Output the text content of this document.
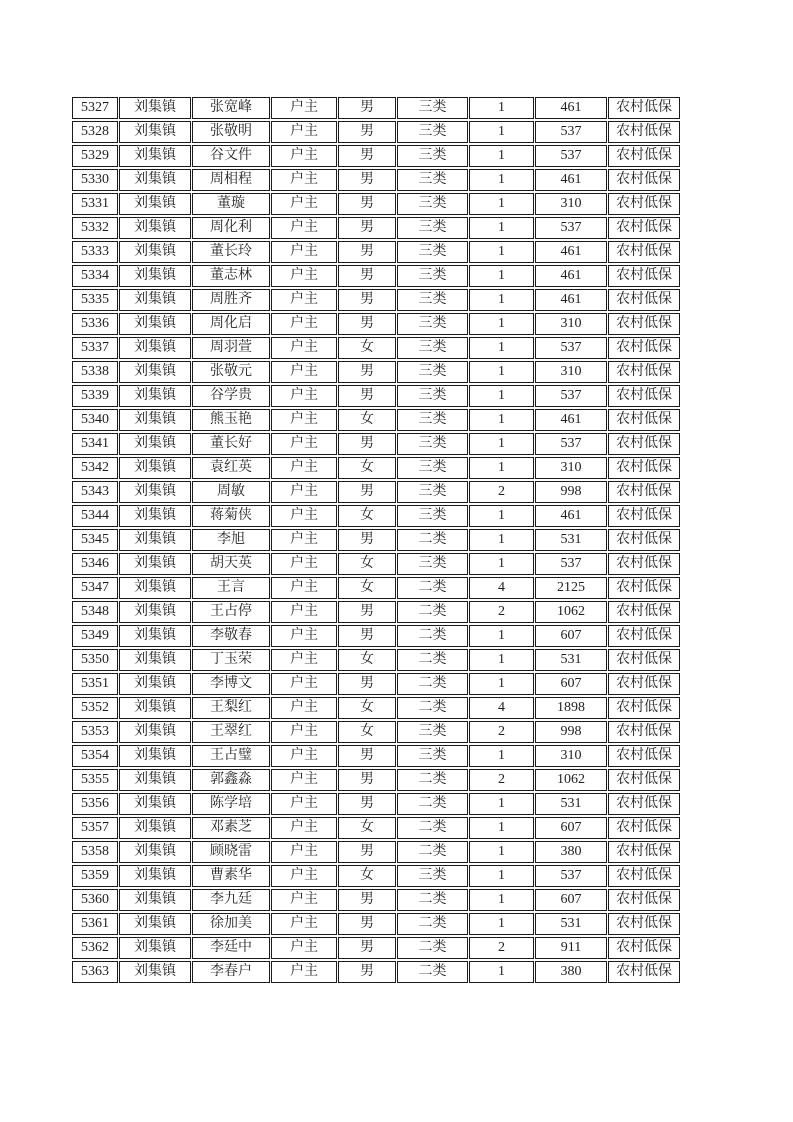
5327	刘集镇	张宽峰	户主	男	三类	1	461	农村低保
5328	刘集镇	张敬明	户主	男	三类	1	537	农村低保
5329	刘集镇	谷文件	户主	男	三类	1	537	农村低保
5330	刘集镇	周相程	户主	男	三类	1	461	农村低保
5331	刘集镇	董璇	户主	男	三类	1	310	农村低保
5332	刘集镇	周化利	户主	男	三类	1	537	农村低保
5333	刘集镇	董长玲	户主	男	三类	1	461	农村低保
5334	刘集镇	董志林	户主	男	三类	1	461	农村低保
5335	刘集镇	周胜齐	户主	男	三类	1	461	农村低保
5336	刘集镇	周化启	户主	男	三类	1	310	农村低保
5337	刘集镇	周羽萱	户主	女	三类	1	537	农村低保
5338	刘集镇	张敬元	户主	男	三类	1	310	农村低保
5339	刘集镇	谷学贵	户主	男	三类	1	537	农村低保
5340	刘集镇	熊玉艳	户主	女	三类	1	461	农村低保
5341	刘集镇	董长好	户主	男	三类	1	537	农村低保
5342	刘集镇	袁红英	户主	女	三类	1	310	农村低保
5343	刘集镇	周敏	户主	男	三类	2	998	农村低保
5344	刘集镇	蒋菊侠	户主	女	三类	1	461	农村低保
5345	刘集镇	李旭	户主	男	二类	1	531	农村低保
5346	刘集镇	胡天英	户主	女	三类	1	537	农村低保
5347	刘集镇	王言	户主	女	二类	4	2125	农村低保
5348	刘集镇	王占停	户主	男	二类	2	1062	农村低保
5349	刘集镇	李敬春	户主	男	二类	1	607	农村低保
5350	刘集镇	丁玉荣	户主	女	二类	1	531	农村低保
5351	刘集镇	李博文	户主	男	二类	1	607	农村低保
5352	刘集镇	王梨红	户主	女	二类	4	1898	农村低保
5353	刘集镇	王翠红	户主	女	三类	2	998	农村低保
5354	刘集镇	王占璧	户主	男	三类	1	310	农村低保
5355	刘集镇	郭鑫淼	户主	男	二类	2	1062	农村低保
5356	刘集镇	陈学培	户主	男	二类	1	531	农村低保
5357	刘集镇	邓素芝	户主	女	二类	1	607	农村低保
5358	刘集镇	顾晓雷	户主	男	二类	1	380	农村低保
5359	刘集镇	曹素华	户主	女	三类	1	537	农村低保
5360	刘集镇	李九廷	户主	男	二类	1	607	农村低保
5361	刘集镇	徐加美	户主	男	二类	1	531	农村低保
5362	刘集镇	李廷中	户主	男	二类	2	911	农村低保
5363	刘集镇	李春户	户主	男	二类	1	380	农村低保
